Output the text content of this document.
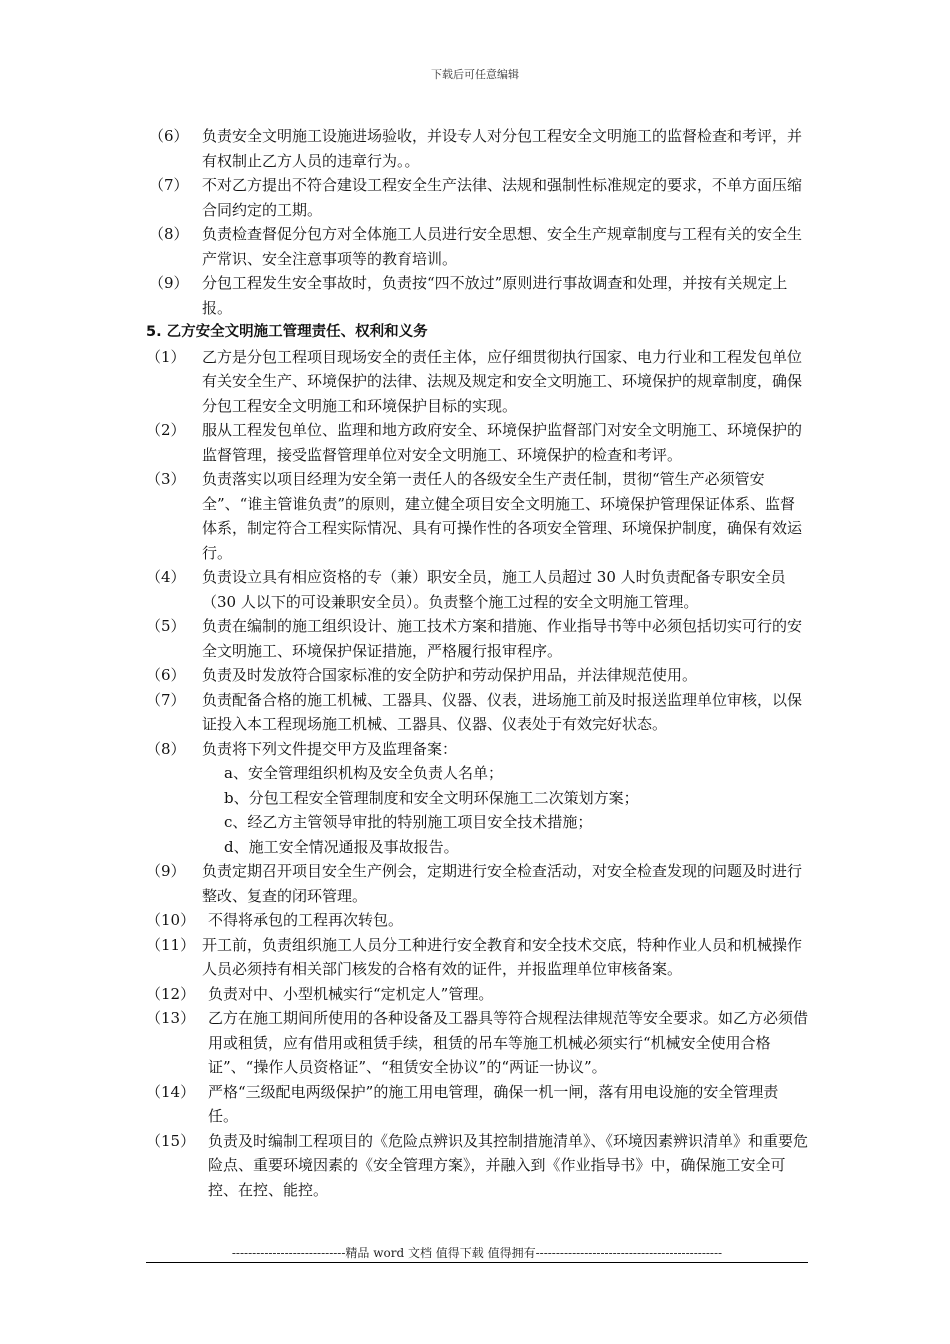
下载后可任意编辑
（6） 负责安全文明施工设施进场验收，并设专人对分包工程安全文明施工的监督检查和考评，并有权制止乙方人员的违章行为。。
（7） 不对乙方提出不符合建设工程安全生产法律、法规和强制性标准规定的要求，不单方面压缩合同约定的工期。
（8） 负责检查督促分包方对全体施工人员进行安全思想、安全生产规章制度与工程有关的安全生产常识、安全注意事项等的教育培训。
（9） 分包工程发生安全事故时，负责按“四不放过”原则进行事故调查和处理，并按有关规定上报。
5. 乙方安全文明施工管理责任、权利和义务
（1）	乙方是分包工程项目现场安全的责任主体，应仔细贯彻执行国家、电力行业和工程发包单位有关安全生产、环境保护的法律、法规及规定和安全文明施工、环境保护的规章制度，确保分包工程安全文明施工和环境保护目标的实现。
（2）	服从工程发包单位、监理和地方政府安全、环境保护监督部门对安全文明施工、环境保护的监督管理，接受监督管理单位对安全文明施工、环境保护的检查和考评。
（3）	负责落实以项目经理为安全第一责任人的各级安全生产责任制，贯彻“管生产必须管安全”、“谁主管谁负责”的原则，建立健全项目安全文明施工、环境保护管理保证体系、监督体系，制定符合工程实际情况、具有可操作性的各项安全管理、环境保护制度，确保有效运行。
（4）	负责设立具有相应资格的专（兼）职安全员，施工人员超过 30 人时负责配备专职安全员（30 人以下的可设兼职安全员）。负责整个施工过程的安全文明施工管理。
（5）	负责在编制的施工组织设计、施工技术方案和措施、作业指导书等中必须包括切实可行的安全文明施工、环境保护保证措施，严格履行报审程序。
（6）	负责及时发放符合国家标准的安全防护和劳动保护用品，并法律规范使用。
（7）	负责配备合格的施工机械、工器具、仪器、仪表，进场施工前及时报送监理单位审核，以保证投入本工程现场施工机械、工器具、仪器、仪表处于有效完好状态。
（8）	负责将下列文件提交甲方及监理备案：
a、安全管理组织机构及安全负责人名单；
b、分包工程安全管理制度和安全文明环保施工二次策划方案；
c、经乙方主管领导审批的特别施工项目安全技术措施；
d、施工安全情况通报及事故报告。
（9）	负责定期召开项目安全生产例会，定期进行安全检查活动，对安全检查发现的问题及时进行整改、复查的闭环管理。
（10） 不得将承包的工程再次转包。
（11） 开工前，负责组织施工人员分工种进行安全教育和安全技术交底，特种作业人员和机械操作人员必须持有相关部门核发的合格有效的证件，并报监理单位审核备案。
（12） 负责对中、小型机械实行“定机定人”管理。
（13） 乙方在施工期间所使用的各种设备及工器具等符合规程法律规范等安全要求。如乙方必须借用或租赁，应有借用或租赁手续，租赁的吊车等施工机械必须实行“机械安全使用合格证”、“操作人员资格证”、“租赁安全协议”的“两证一协议”。
（14） 严格“三级配电两级保护”的施工用电管理，确保一机一闸，落有用电设施的安全管理责任。
（15） 负责及时编制工程项目的《危险点辨识及其控制措施清单》、《环境因素辨识清单》和重要危险点、重要环境因素的《安全管理方案》，并融入到《作业指导书》中，确保施工安全可控、在控、能控。
----------------------------精品 word 文档 值得下载 值得拥有----------------------------------------------
